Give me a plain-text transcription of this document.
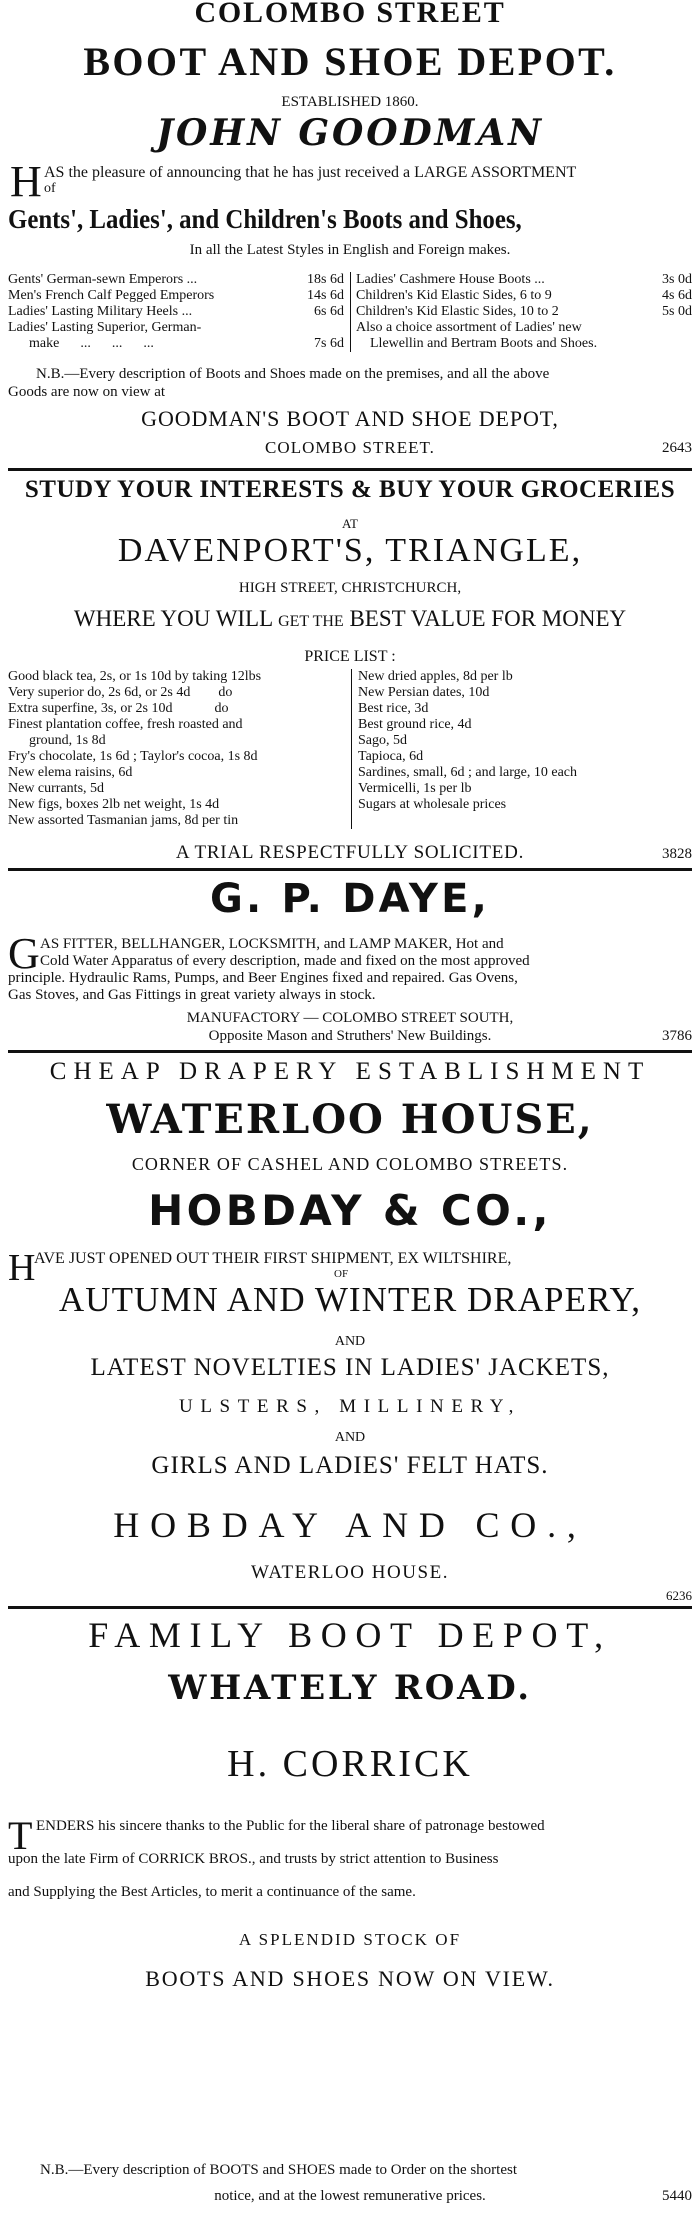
COLOMBO STREET
BOOT AND SHOE DEPOT.
ESTABLISHED 1860.
JOHN GOODMAN
H AS the pleasure of announcing that he has just received a LARGE ASSORTMENT
of
Gents', Ladies', and Children's Boots and Shoes,
In all the Latest Styles in English and Foreign makes.
Gents' German-sewn Emperors ...	18s 6d
Men's French Calf Pegged Emperors	14s 6d
Ladies' Lasting Military Heels ...	6s 6d
Ladies' Lasting Superior, German-
make      ...      ...      ...	7s 6d
Ladies' Cashmere House Boots ...	3s 0d
Children's Kid Elastic Sides, 6 to 9	4s 6d
Children's Kid Elastic Sides, 10 to 2	5s 0d
Also a choice assortment of Ladies' new
Llewellin and Bertram Boots and Shoes.
N.B.—Every description of Boots and Shoes made on the premises, and all the above
Goods are now on view at
GOODMAN'S BOOT AND SHOE DEPOT,
COLOMBO STREET.	2643
STUDY YOUR INTERESTS & BUY YOUR GROCERIES
AT
DAVENPORT'S, TRIANGLE,
HIGH STREET, CHRISTCHURCH,
WHERE YOU WILL GET THE BEST VALUE FOR MONEY
PRICE LIST :
Good black tea, 2s, or 1s 10d by taking 12lbs
Very superior do, 2s 6d, or 2s 4d        do
Extra superfine, 3s, or 2s 10d            do
Finest plantation coffee, fresh roasted and
ground, 1s 8d
Fry's chocolate, 1s 6d ; Taylor's cocoa, 1s 8d
New elema raisins, 6d
New currants, 5d
New figs, boxes 2lb net weight, 1s 4d
New assorted Tasmanian jams, 8d per tin
New dried apples, 8d per lb
New Persian dates, 10d
Best rice, 3d
Best ground rice, 4d
Sago, 5d
Tapioca, 6d
Sardines, small, 6d ; and large, 10 each
Vermicelli, 1s per lb
Sugars at wholesale prices
A TRIAL RESPECTFULLY SOLICITED.	3828
G. P. DAYE,
G AS FITTER, BELLHANGER, LOCKSMITH, and LAMP MAKER, Hot and
Cold Water Apparatus of every description, made and fixed on the most approved
principle. Hydraulic Rams, Pumps, and Beer Engines fixed and repaired. Gas Ovens,
Gas Stoves, and Gas Fittings in great variety always in stock.
MANUFACTORY — COLOMBO STREET SOUTH,
Opposite Mason and Struthers' New Buildings.	3786
CHEAP DRAPERY ESTABLISHMENT
WATERLOO HOUSE,
CORNER OF CASHEL AND COLOMBO STREETS.
HOBDAY & CO.,
H
AVE JUST OPENED OUT THEIR FIRST SHIPMENT, EX WILTSHIRE,
OF
AUTUMN AND WINTER DRAPERY,
AND
LATEST NOVELTIES IN LADIES' JACKETS,
ULSTERS, MILLINERY,
AND
GIRLS AND LADIES' FELT HATS.
HOBDAY AND CO.,
WATERLOO HOUSE.
6236
FAMILY BOOT DEPOT,
WHATELY ROAD.
H. CORRICK
T ENDERS his sincere thanks to the Public for the liberal share of patronage bestowed
upon the late Firm of CORRICK BROS., and trusts by strict attention to Business
and Supplying the Best Articles, to merit a continuance of the same.
A SPLENDID STOCK OF
BOOTS AND SHOES NOW ON VIEW.
N.B.—Every description of BOOTS and SHOES made to Order on the shortest
notice, and at the lowest remunerative prices.	5440
